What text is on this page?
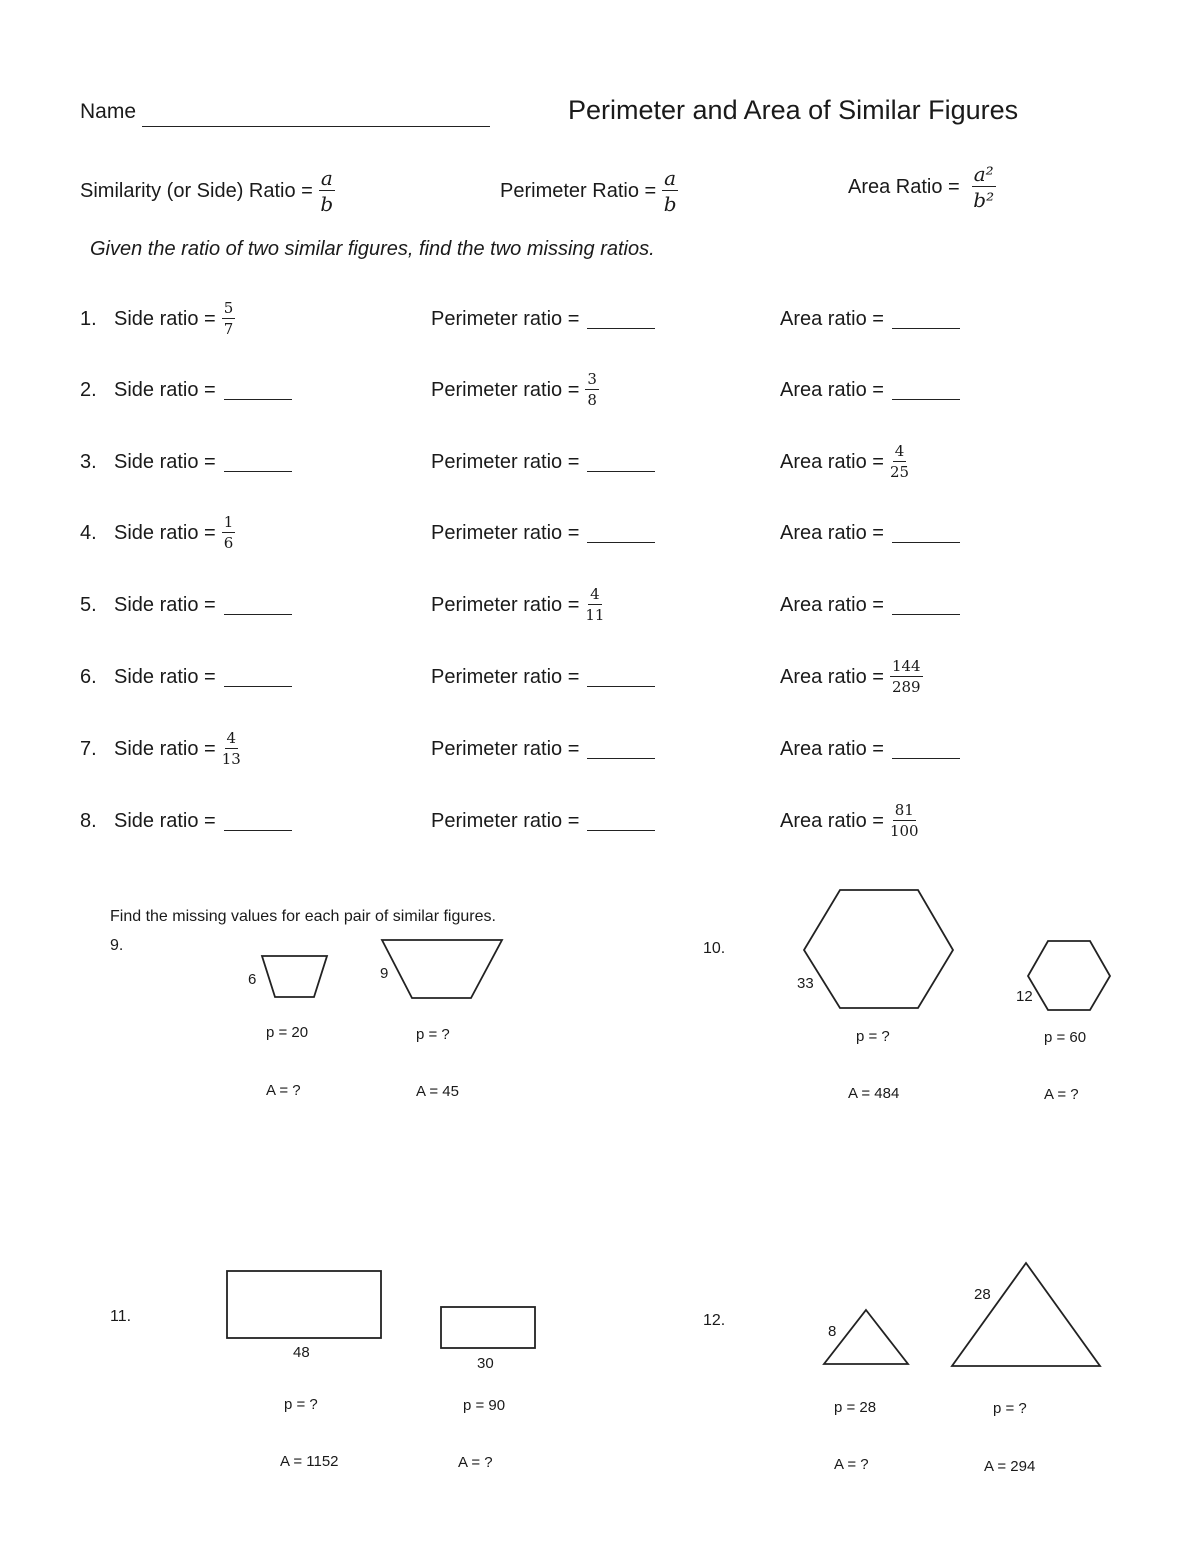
Name	Perimeter and Area of Similar Figures
Similarity (or Side) Ratio = $\frac{a}{b}$	Perimeter Ratio = $\frac{a}{b}$	Area Ratio = $\frac{\text{a²}}{\text{b²}}$
Given the ratio of two similar figures, find the two missing ratios.
1. Side ratio = $\frac{5}{7}$	Perimeter ratio =	Area ratio =
2. Side ratio =	Perimeter ratio = $\frac{3}{8}$	Area ratio =
3. Side ratio =	Perimeter ratio =	Area ratio = $\frac{4}{25}$
4. Side ratio = $\frac{1}{6}$	Perimeter ratio =	Area ratio =
5. Side ratio =	Perimeter ratio = $\frac{4}{11}$	Area ratio =
6. Side ratio =	Perimeter ratio =	Area ratio = $\frac{144}{289}$
7. Side ratio = $\frac{4}{13}$	Perimeter ratio =	Area ratio =
8. Side ratio =	Perimeter ratio =	Area ratio = $\frac{81}{100}$
Find the missing values for each pair of similar figures.
9.
6	9
p = 20	p = ?
A = ?	A = 45
10.
33
12
p = ?	p = 60
A = 484	A = ?
11.
48
30
p = ?	p = 90
A = 1152	A = ?
12.
8
28
p = 28	p = ?
A = ?	A = 294
